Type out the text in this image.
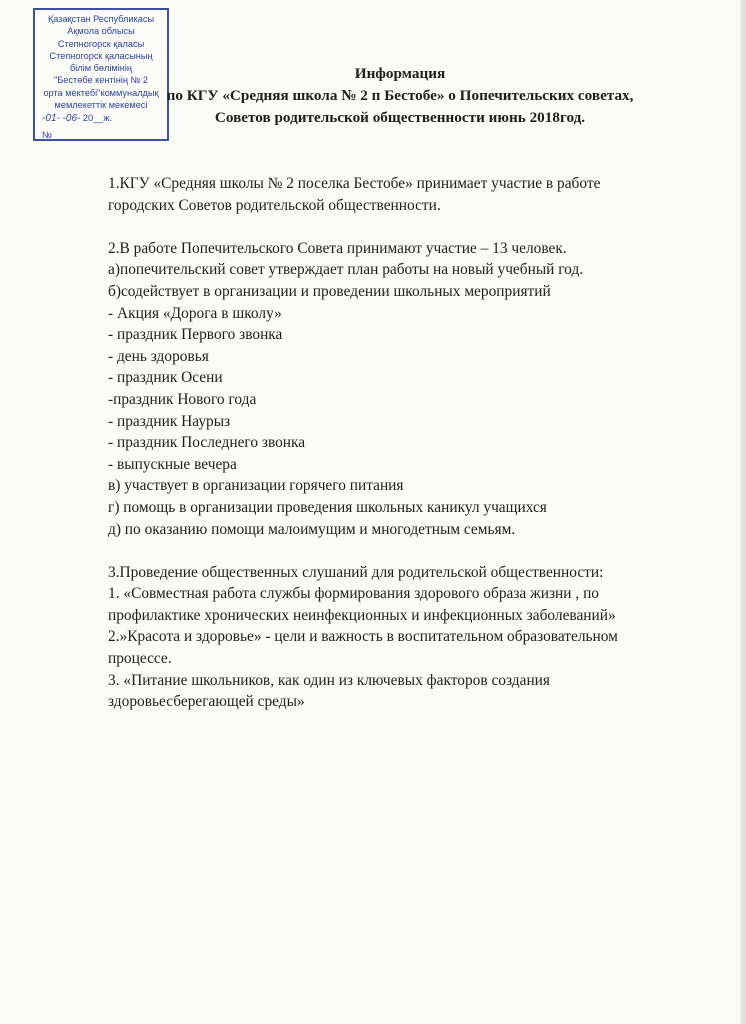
Қазақстан Республикасы
Ақмола облысы
Степногорск қаласы
Степногорск қаласының
білім бөлімінің
"Бестөбе кентінің № 2
орта мектебі"коммуналдық
мемлекеттік мекемесі
-01- -06- 20__ж.
№
Информация
по КГУ «Средняя школа № 2 п Бестобе» о Попечительских советах,
Советов родительской общественности июнь 2018год.

1.КГУ «Средняя школы № 2 поселка Бестобе» принимает участие в работе

городских Советов родительской общественности.

2.В работе Попечительского Совета принимают участие – 13 человек.

а)попечительский совет утверждает план работы на новый учебный год.

б)содействует в организации и проведении школьных мероприятий

- Акция «Дорога в школу»

- праздник Первого звонка

- день здоровья

- праздник Осени

-праздник Нового года

- праздник Наурыз

- праздник Последнего звонка

- выпускные вечера

в) участвует в организации горячего питания

г) помощь в организации проведения школьных каникул учащихся

д) по оказанию помощи малоимущим и многодетным семьям.

3.Проведение общественных слушаний для родительской общественности:

1. «Совместная работа службы формирования здорового образа жизни , по

профилактике хронических неинфекционных и инфекционных заболеваний»

2.»Красота и здоровье» - цели и важность в воспитательном образовательном

процессе.

3. «Питание школьников, как один из ключевых факторов создания

здоровьесберегающей среды»
